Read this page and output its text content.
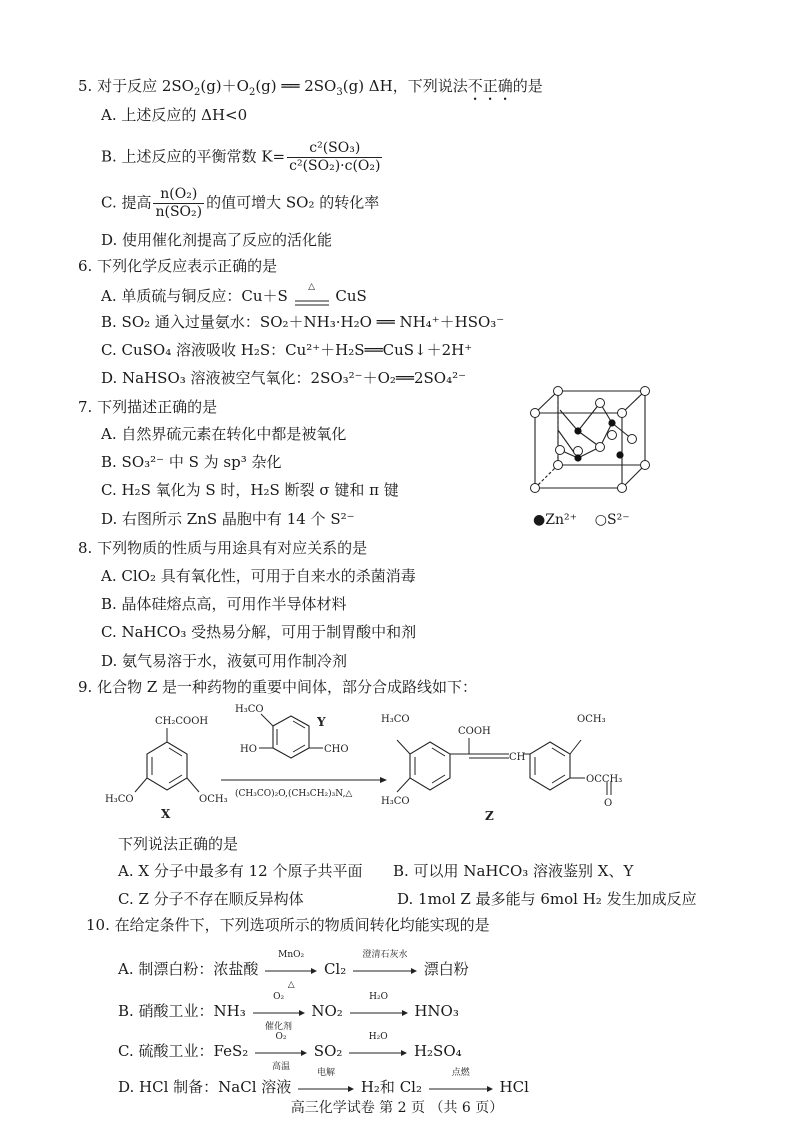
5. 对于反应 $2SO_2(g)+O_2(g)$ ══ $2SO_3(g)$ ΔH，下列说法不正确的是
A. 上述反应的 ΔH<0
B. 上述反应的平衡常数 $K= \frac{\text{c²(SO₃)}}{\text{c²(SO₂)·c(O₂)}}$
C. 提高 $\frac{\text{n(O₂)}}{\text{n(SO₂)}}$ 的值可增大 SO₂ 的转化率
D. 使用催化剂提高了反应的活化能
6. 下列化学反应表示正确的是
A. 单质硫与铜反应：Cu＋S	△	CuS
B. SO₂ 通入过量氨水：SO₂＋NH₃·H₂O ══ NH₄⁺＋HSO₃⁻
C. CuSO₄ 溶液吸收 H₂S：Cu²⁺＋H₂S══CuS↓＋2H⁺
D. NaHSO₃ 溶液被空气氧化：2SO₃²⁻＋O₂══2SO₄²⁻
7. 下列描述正确的是
A. 自然界硫元素在转化中都是被氧化
B. SO₃²⁻ 中 S 为 sp³ 杂化
C. H₂S 氧化为 S 时，H₂S 断裂 σ 键和 π 键
D. 右图所示 ZnS 晶胞中有 14 个 S²⁻	●Zn²⁺ ○S²⁻
8. 下列物质的性质与用途具有对应关系的是
A. ClO₂ 具有氧化性，可用于自来水的杀菌消毒
B. 晶体硅熔点高，可用作半导体材料
C. NaHCO₃ 受热易分解，可用于制胃酸中和剂
D. 氨气易溶于水，液氨可用作制冷剂
9. 化合物 Z 是一种药物的重要中间体，部分合成路线如下：
CH₂COOH
H₃CO	OCH₃
X
H₃CO
HO	CHO
Y
(CH₃CO)₂O,(CH₃CH₂)₃N,△
H₃CO
H₃CO
COOH
CH
OCH₃
OCCH₃
O
Z
下列说法正确的是
A. X 分子中最多有 12 个原子共平面 B. 可以用 NaHCO₃ 溶液鉴别 X、Y
C. Z 分子不存在顺反异构体	D. 1mol Z 最多能与 6mol H₂ 发生加成反应
10. 在给定条件下，下列选项所示的物质间转化均能实现的是
A. 制漂白粉：浓盐酸
MnO₂
△
Cl₂
澄清石灰水
漂白粉
B. 硝酸工业：NH₃
O₂
催化剂
NO₂
H₂O
HNO₃
C. 硫酸工业：FeS₂
O₂
高温
SO₂
H₂O
H₂SO₄
D. HCl 制备：NaCl 溶液
电解
H₂和 Cl₂
点燃
HCl
高三化学试卷 第 2 页 （共 6 页）
